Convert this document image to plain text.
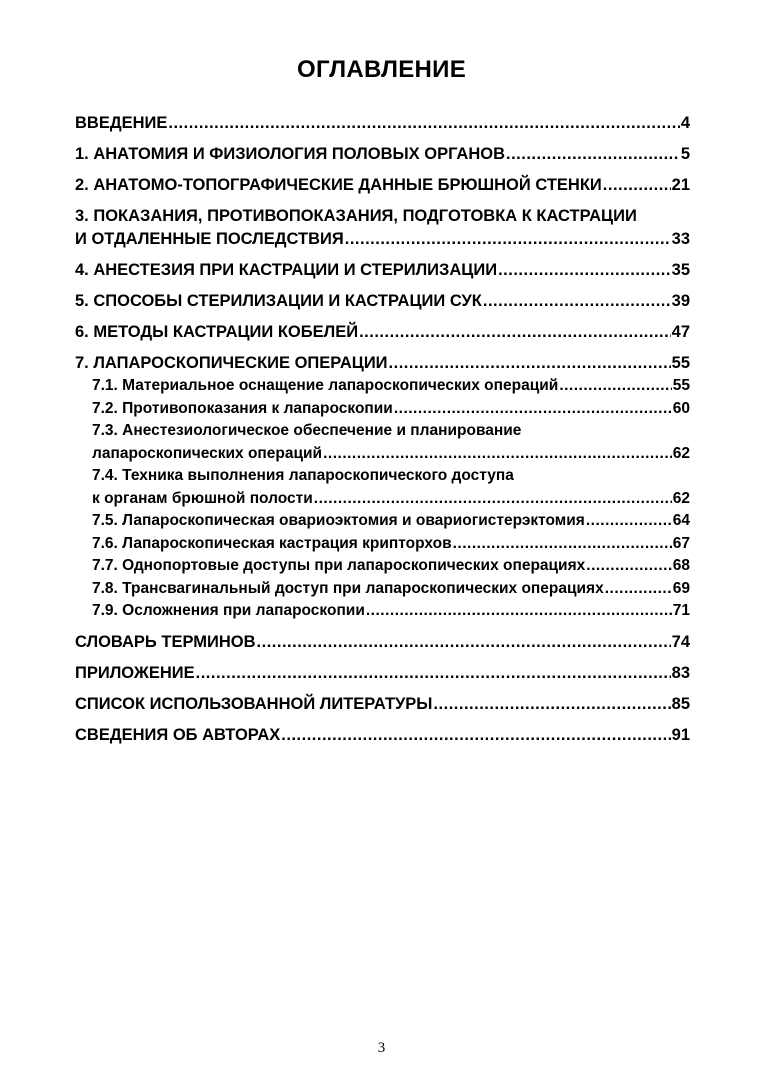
ОГЛАВЛЕНИЕ
ВВЕДЕНИЕ .....	4
1. АНАТОМИЯ И ФИЗИОЛОГИЯ ПОЛОВЫХ ОРГАНОВ .....	5
2. АНАТОМО-ТОПОГРАФИЧЕСКИЕ ДАННЫЕ БРЮШНОЙ СТЕНКИ .....	21
3. ПОКАЗАНИЯ, ПРОТИВОПОКАЗАНИЯ, ПОДГОТОВКА К КАСТРАЦИИ
И ОТДАЛЕННЫЕ ПОСЛЕДСТВИЯ .....	33
4. АНЕСТЕЗИЯ ПРИ КАСТРАЦИИ И СТЕРИЛИЗАЦИИ .....	35
5. СПОСОБЫ СТЕРИЛИЗАЦИИ И КАСТРАЦИИ СУК .....	39
6. МЕТОДЫ КАСТРАЦИИ КОБЕЛЕЙ .....	47
7. ЛАПАРОСКОПИЧЕСКИЕ ОПЕРАЦИИ .....	55
7.1. Материальное оснащение лапароскопических операций .....	55
7.2. Противопоказания к лапароскопии .....	60
7.3. Анестезиологическое обеспечение и планирование
лапароскопических операций .....	62
7.4. Техника выполнения лапароскопического доступа
к органам брюшной полости .....	62
7.5. Лапароскопическая овариоэктомия и овариогистерэктомия .....	64
7.6. Лапароскопическая кастрация крипторхов .....	67
7.7. Однопортовые доступы при лапароскопических операциях .....	68
7.8. Трансвагинальный доступ при лапароскопических операциях .....	69
7.9. Осложнения при лапароскопии .....	71
СЛОВАРЬ ТЕРМИНОВ .....	74
ПРИЛОЖЕНИЕ .....	83
СПИСОК ИСПОЛЬЗОВАННОЙ ЛИТЕРАТУРЫ .....	85
СВЕДЕНИЯ ОБ АВТОРАХ .....	91
3
